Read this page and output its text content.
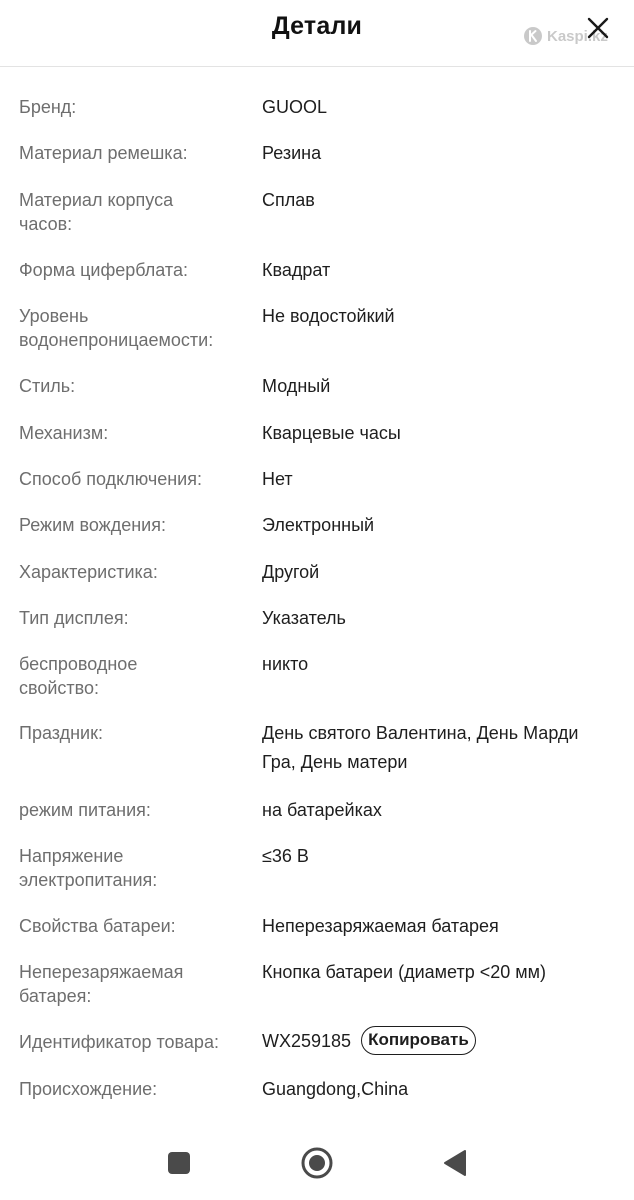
Детали	Kaspi.kz
Бренд:	GUOOL
Материал ремешка:	Резина
Материал корпуса часов:
Сплав
Форма циферблата:	Квадрат
Уровень водонепроницаемости:
Не водостойкий
Стиль:	Модный
Механизм:	Кварцевые часы
Способ подключения:	Нет
Режим вождения:	Электронный
Характеристика:	Другой
Тип дисплея:	Указатель
беспроводное свойство:
никто
Праздник:	День святого Валентина, День Марди Гра, День матери
режим питания:	на батарейках
Напряжение электропитания:
≤36 В
Свойства батареи:	Неперезаряжаемая батарея
Неперезаряжаемая батарея:
Кнопка батареи (диаметр <20 мм)
Идентификатор товара:	WX259185	Копировать
Происхождение:	Guangdong,China
